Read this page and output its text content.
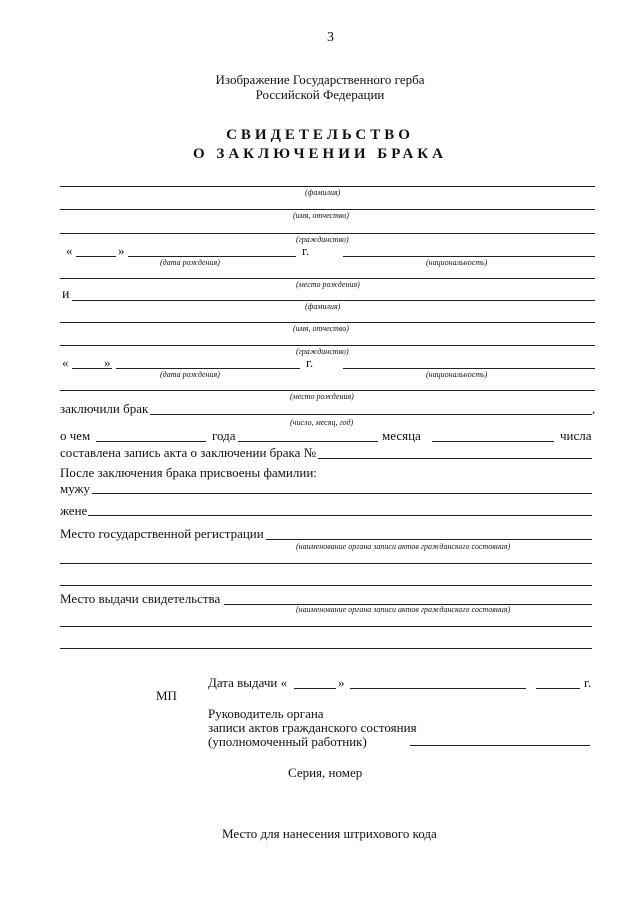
3
Изображение Государственного герба
Российской Федерации
СВИДЕТЕЛЬСТВО
О ЗАКЛЮЧЕНИИ БРАКА
(фамилия)
(имя, отчество)
(гражданство)
«	»	г.
(дата рождения)	(национальность)
(место рождения)
и
(фамилия)
(имя, отчество)
(гражданство)
«	»	г.
(дата рождения)	(национальность)
(место рождения)
заключили брак	,
(число, месяц, год)
о чем	года	месяца	числа
составлена запись акта о заключении брака №
После заключения брака присвоены фамилии:
мужу
жене
Место государственной регистрации
(наименование органа записи актов гражданского состояния)
Место выдачи свидетельства
(наименование органа записи актов гражданского состояния)
Дата выдачи «	»	г.
МП
Руководитель органа
записи актов гражданского состояния
(уполномоченный работник)
Серия, номер
Место для нанесения штрихового кода
